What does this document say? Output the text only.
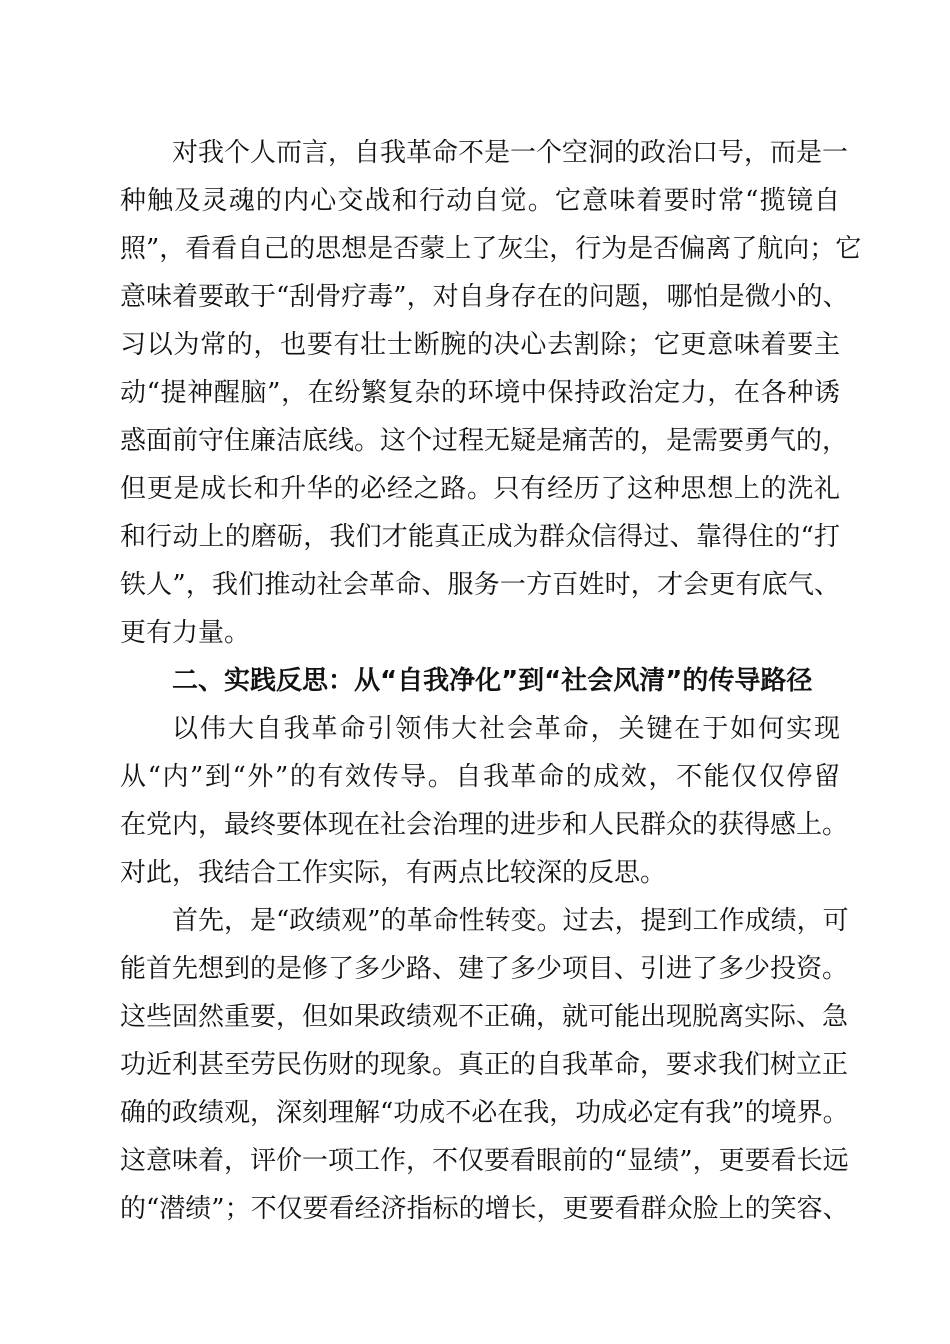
对我个人而言，自我革命不是一个空洞的政治口号，而是一
种触及灵魂的内心交战和行动自觉。它意味着要时常“揽镜自
照”，看看自己的思想是否蒙上了灰尘，行为是否偏离了航向；它
意味着要敢于“刮骨疗毒”，对自身存在的问题，哪怕是微小的、
习以为常的，也要有壮士断腕的决心去割除；它更意味着要主
动“提神醒脑”，在纷繁复杂的环境中保持政治定力，在各种诱
惑面前守住廉洁底线。这个过程无疑是痛苦的，是需要勇气的，
但更是成长和升华的必经之路。只有经历了这种思想上的洗礼
和行动上的磨砺，我们才能真正成为群众信得过、靠得住的“打
铁人”，我们推动社会革命、服务一方百姓时，才会更有底气、
更有力量。
二、实践反思：从“自我净化”到“社会风清”的传导路径
以伟大自我革命引领伟大社会革命，关键在于如何实现
从“内”到“外”的有效传导。自我革命的成效，不能仅仅停留
在党内，最终要体现在社会治理的进步和人民群众的获得感上。
对此，我结合工作实际，有两点比较深的反思。
首先，是“政绩观”的革命性转变。过去，提到工作成绩，可
能首先想到的是修了多少路、建了多少项目、引进了多少投资。
这些固然重要，但如果政绩观不正确，就可能出现脱离实际、急
功近利甚至劳民伤财的现象。真正的自我革命，要求我们树立正
确的政绩观，深刻理解“功成不必在我，功成必定有我”的境界。
这意味着，评价一项工作，不仅要看眼前的“显绩”，更要看长远
的“潜绩”；不仅要看经济指标的增长，更要看群众脸上的笑容、
